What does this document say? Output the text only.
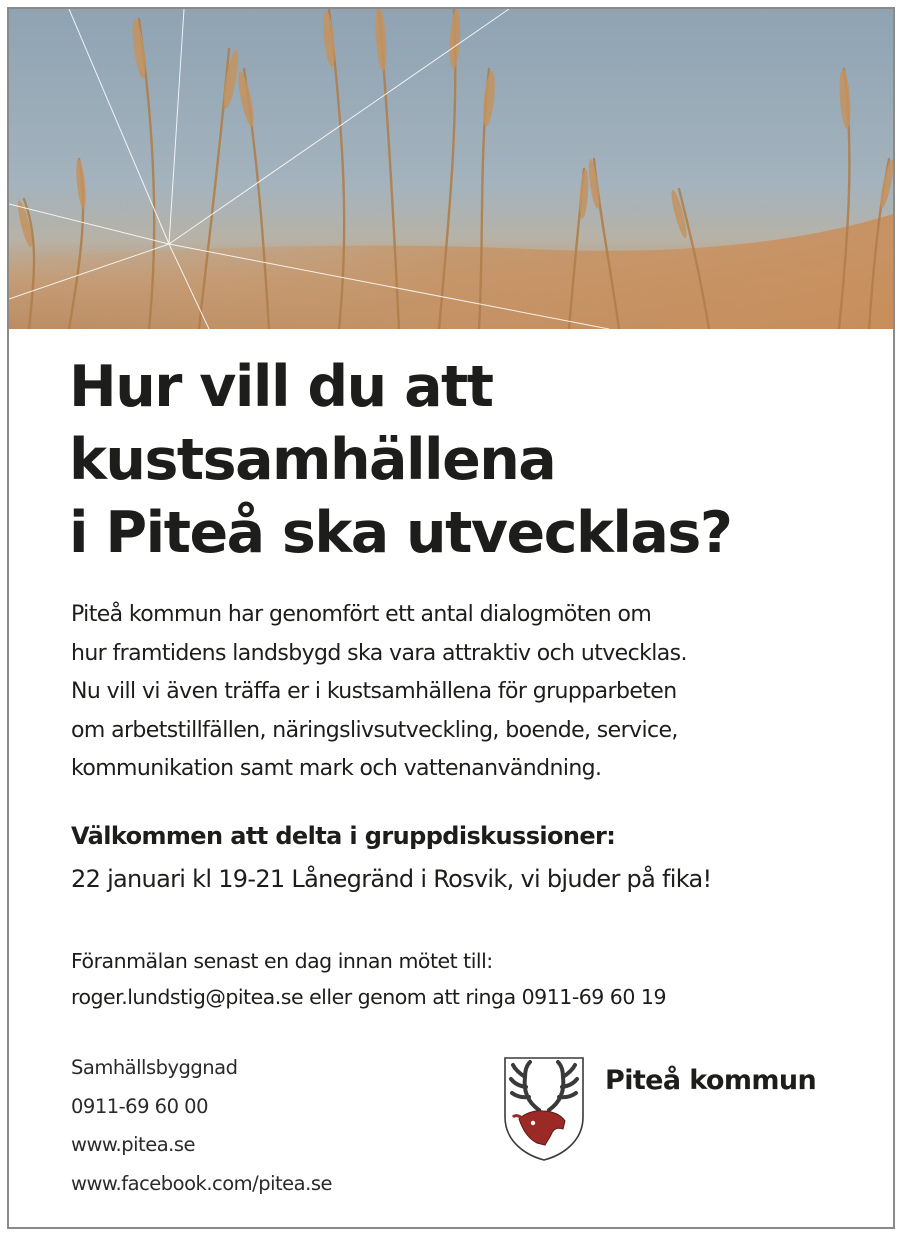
Hur vill du att
kustsamhällena
i Piteå ska utvecklas?

Piteå kommun har genomfört ett antal dialogmöten om
hur framtidens landsbygd ska vara attraktiv och utvecklas.
Nu vill vi även träffa er i kustsamhällena för grupparbeten
om arbetstillfällen, näringslivsutveckling, boende, service,
kommunikation samt mark och vattenanvändning.

Välkommen att delta i gruppdiskussioner:

22 januari kl 19-21 Lånegränd i Rosvik, vi bjuder på fika!

Föranmälan senast en dag innan mötet till:
roger.lundstig@pitea.se eller genom att ringa 0911-69 60 19

Samhällsbyggnad
0911-69 60 00
www.pitea.se
www.facebook.com/pitea.se

Piteå kommun
